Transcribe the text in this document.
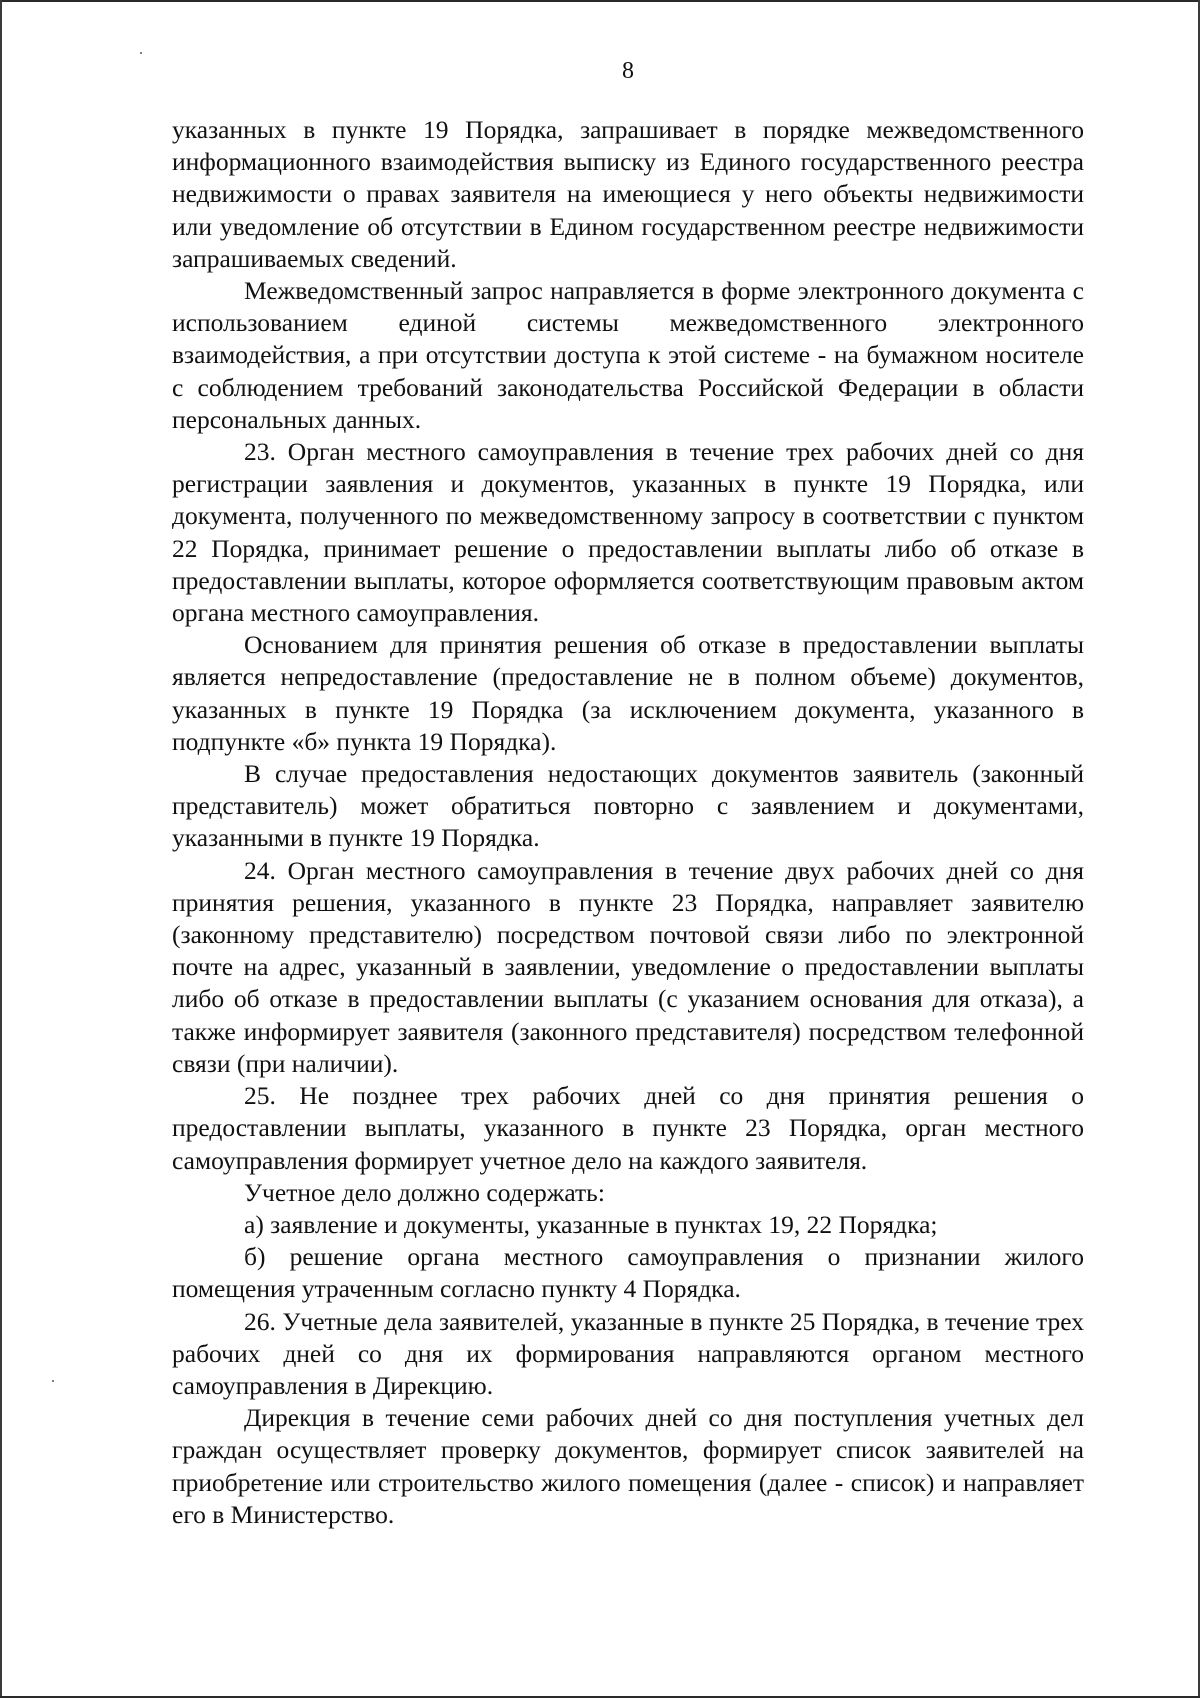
8

указанных в пункте 19 Порядка, запрашивает в порядке межведомственного информационного взаимодействия выписку из Единого государственного реестра недвижимости о правах заявителя на имеющиеся у него объекты недвижимости или уведомление об отсутствии в Едином государственном реестре недвижимости запрашиваемых сведений.

Межведомственный запрос направляется в форме электронного документа с использованием единой системы межведомственного электронного взаимодействия, а при отсутствии доступа к этой системе - на бумажном носителе с соблюдением требований законодательства Российской Федерации в области персональных данных.

23. Орган местного самоуправления в течение трех рабочих дней со дня регистрации заявления и документов, указанных в пункте 19 Порядка, или документа, полученного по межведомственному запросу в соответствии с пунктом 22 Порядка, принимает решение о предоставлении выплаты либо об отказе в предоставлении выплаты, которое оформляется соответствующим правовым актом органа местного самоуправления.

Основанием для принятия решения об отказе в предоставлении выплаты является непредоставление (предоставление не в полном объеме) документов, указанных в пункте 19 Порядка (за исключением документа, указанного в подпункте «б» пункта 19 Порядка).

В случае предоставления недостающих документов заявитель (законный представитель) может обратиться повторно с заявлением и документами, указанными в пункте 19 Порядка.

24. Орган местного самоуправления в течение двух рабочих дней со дня принятия решения, указанного в пункте 23 Порядка, направляет заявителю (законному представителю) посредством почтовой связи либо по электронной почте на адрес, указанный в заявлении, уведомление о предоставлении выплаты либо об отказе в предоставлении выплаты (с указанием основания для отказа), а также информирует заявителя (законного представителя) посредством телефонной связи (при наличии).

25. Не позднее трех рабочих дней со дня принятия решения о предоставлении выплаты, указанного в пункте 23 Порядка, орган местного самоуправления формирует учетное дело на каждого заявителя.

Учетное дело должно содержать:

а) заявление и документы, указанные в пунктах 19, 22 Порядка;

б) решение органа местного самоуправления о признании жилого помещения утраченным согласно пункту 4 Порядка.

26. Учетные дела заявителей, указанные в пункте 25 Порядка, в течение трех рабочих дней со дня их формирования направляются органом местного самоуправления в Дирекцию.

Дирекция в течение семи рабочих дней со дня поступления учетных дел граждан осуществляет проверку документов, формирует список заявителей на приобретение или строительство жилого помещения (далее - список) и направляет его в Министерство.
